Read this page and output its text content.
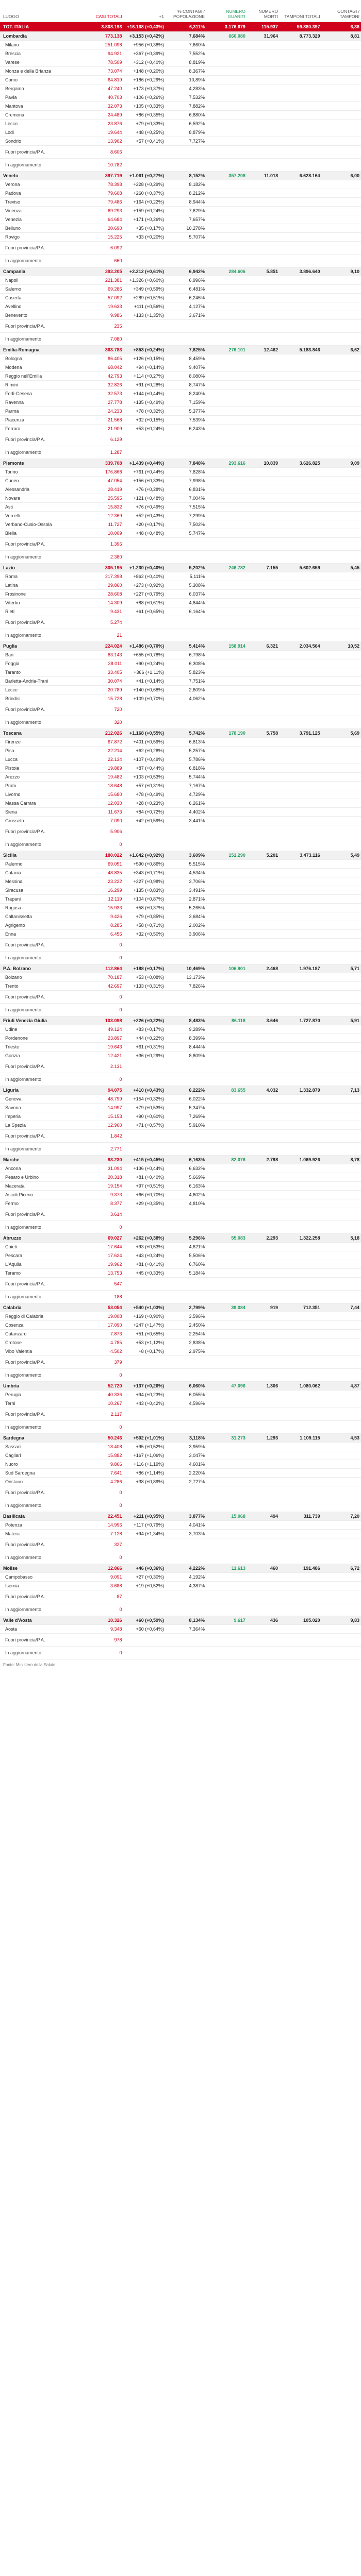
LUOGO	CASI TOTALI	+1	% CONTAGI / POPOLAZIONE	NUMERO GUARITI	NUMERO MORTI	TAMPONI TOTALI	CONTAGI / TAMPONI
TOT. ITALIA	3.808.193	+16.168 (+0,43%)	6,311%	3.176.679	115.937	59.880.397	6,36
Lombardia	773.138	+3.153 (+0,42%)	7,684%	660.080	31.964	8.773.329	8,81
Milano	251.098	+956 (+0,38%)	7,660%				
Brescia	94.921	+367 (+0,39%)	7,552%				
Varese	78.509	+312 (+0,40%)	8,819%				
Monza e della Brianza	73.074	+148 (+0,20%)	8,367%				
Como	64.819	+186 (+0,29%)	10,89%				
Bergamo	47.240	+173 (+0,37%)	4,283%				
Pavia	40.703	+106 (+0,26%)	7,532%				
Mantova	32.073	+105 (+0,33%)	7,882%				
Cremona	24.489	+86 (+0,35%)	6,880%				
Lecco	23.876	+79 (+0,33%)	6,592%				
Lodi	19.644	+48 (+0,25%)	8,879%				
Sondrio	13.902	+57 (+0,41%)	7,727%				
Fuori provincia/P.A.	8.606						
In aggiornamento	10.782						
Veneto	397.719	+1.061 (+0,27%)	8,152%	357.208	11.018	6.628.164	6,00
Verona	78.398	+228 (+0,29%)	8,182%				
Padova	79.608	+260 (+0,37%)	8,212%				
Treviso	79.486	+164 (+0,22%)	8,944%				
Vicenza	69.293	+159 (+0,24%)	7,629%				
Venezia	64.684	+171 (+0,26%)	7,657%				
Belluno	20.690	+35 (+0,17%)	10,278%				
Rovigo	15.225	+33 (+0,20%)	5,707%				
Fuori provincia/P.A.	6.092						
In aggiornamento	660						
Campania	393.205	+2.212 (+0,61%)	6,942%	284.606	5.851	3.896.640	9,10
Napoli	221.381	+1.326 (+0,60%)	6,996%				
Salerno	69.286	+349 (+0,59%)	6,481%				
Caserta	57.092	+289 (+0,51%)	6,245%				
Avellino	19.633	+111 (+0,56%)	4,127%				
Benevento	9.986	+133 (+1,35%)	3,671%				
Fuori provincia/P.A.	235						
In aggiornamento	7.080						
Emilia-Romagna	363.783	+853 (+0,24%)	7,825%	276.101	12.462	5.183.846	6,62
Bologna	86.405	+126 (+0,15%)	8,459%				
Modena	68.042	+94 (+0,14%)	9,407%				
Reggio nell'Emilia	42.793	+114 (+0,27%)	8,080%				
Rimini	32.826	+91 (+0,28%)	8,747%				
Forlì-Cesena	32.573	+144 (+0,44%)	8,240%				
Ravenna	27.778	+135 (+0,49%)	7,159%				
Parma	24.233	+78 (+0,32%)	5,377%				
Piacenza	21.568	+32 (+0,15%)	7,539%				
Ferrara	21.909	+53 (+0,24%)	6,243%				
Fuori provincia/P.A.	6.129						
In aggiornamento	1.287						
Piemonte	339.708	+1.439 (+0,44%)	7,848%	293.616	10.839	3.626.825	9,09
Torino	176.868	+761 (+0,44%)	7,828%				
Cuneo	47.054	+156 (+0,33%)	7,998%				
Alessandria	28.419	+76 (+0,28%)	6,831%				
Novara	25.595	+121 (+0,48%)	7,004%				
Asti	15.832	+76 (+0,49%)	7,515%				
Vercelli	12.369	+52 (+0,43%)	7,299%				
Verbano-Cusio-Ossola	11.727	+20 (+0,17%)	7,502%				
Biella	10.009	+48 (+0,48%)	5,747%				
Fuori provincia/P.A.	1.396						
In aggiornamento	2.380						
Lazio	305.195	+1.230 (+0,40%)	5,202%	246.782	7.155	5.602.659	5,45
Roma	217.398	+862 (+0,40%)	5,111%				
Latina	29.860	+273 (+0,92%)	5,308%				
Frosinone	28.608	+227 (+0,79%)	6,037%				
Viterbo	14.309	+88 (+0,61%)	4,844%				
Rieti	9.431	+61 (+0,65%)	6,164%				
Fuori provincia/P.A.	5.274						
In aggiornamento	21						
Puglia	224.024	+1.486 (+0,70%)	5,414%	158.914	6.321	2.034.564	10,52
Bari	83.143	+655 (+0,78%)	6,798%				
Foggia	38.011	+90 (+0,24%)	6,308%				
Taranto	33.405	+366 (+1,11%)	5,823%				
Barletta-Andria-Trani	30.074	+41 (+0,14%)	7,751%				
Lecce	20.789	+140 (+0,68%)	2,609%				
Brindisi	15.728	+109 (+0,70%)	4,062%				
Fuori provincia/P.A.	720						
In aggiornamento	320						
Toscana	212.026	+1.168 (+0,55%)	5,742%	178.190	5.758	3.791.125	5,69
Firenze	67.872	+401 (+0,59%)	6,813%				
Pisa	22.214	+62 (+0,28%)	5,257%				
Lucca	22.134	+107 (+0,49%)	5,786%				
Pistoia	19.889	+87 (+0,44%)	6,818%				
Arezzo	19.482	+103 (+0,53%)	5,744%				
Prato	18.648	+57 (+0,31%)	7,167%				
Livorno	15.680	+78 (+0,49%)	4,729%				
Massa Carrara	12.030	+28 (+0,23%)	6,261%				
Siena	11.673	+84 (+0,72%)	4,402%				
Grosseto	7.090	+42 (+0,59%)	3,441%				
Fuori provincia/P.A.	5.906						
In aggiornamento	0						
Sicilia	180.022	+1.642 (+0,92%)	3,609%	151.290	5.201	3.473.116	5,49
Palermo	69.051	+590 (+0,86%)	5,515%				
Catania	48.835	+343 (+0,71%)	4,534%				
Messina	23.222	+227 (+0,98%)	3,706%				
Siracusa	16.299	+135 (+0,83%)	3,491%				
Trapani	12.119	+104 (+0,87%)	2,871%				
Ragusa	15.933	+58 (+0,37%)	5,265%				
Caltanissetta	9.426	+79 (+0,85%)	3,684%				
Agrigento	8.285	+58 (+0,71%)	2,002%				
Enna	6.456	+32 (+0,50%)	3,906%				
Fuori provincia/P.A.	0						
In aggiornamento	0						
P.A. Bolzano	112.864	+188 (+0,17%)	10,469%	106.901	2.468	1.976.187	5,71
Bolzano	70.187	+53 (+0,08%)	13,173%				
Trento	42.697	+133 (+0,31%)	7,826%				
Fuori provincia/P.A.	0						
In aggiornamento	0						
Friuli Venezia Giulia	103.098	+226 (+0,22%)	8,483%	86.118	3.646	1.727.870	5,91
Udine	49.124	+83 (+0,17%)	9,289%				
Pordenone	23.897	+44 (+0,22%)	8,399%				
Trieste	19.643	+61 (+0,31%)	8,444%				
Gorizia	12.421	+36 (+0,29%)	8,809%				
Fuori provincia/P.A.	2.131						
In aggiornamento	0						
Liguria	94.075	+410 (+0,43%)	6,222%	83.655	4.032	1.332.879	7,13
Genova	48.799	+154 (+0,32%)	6,022%				
Savona	14.997	+79 (+0,53%)	5,347%				
Imperia	15.153	+90 (+0,60%)	7,269%				
La Spezia	12.960	+71 (+0,57%)	5,910%				
Fuori provincia/P.A.	1.842						
In aggiornamento	2.771						
Marche	93.230	+415 (+0,45%)	6,163%	82.076	2.798	1.069.926	8,78
Ancona	31.094	+136 (+0,44%)	6,632%				
Pesaro e Urbino	20.318	+81 (+0,40%)	5,669%				
Macerata	19.154	+97 (+0,51%)	6,163%				
Ascoli Piceno	9.373	+66 (+0,70%)	4,602%				
Fermo	8.377	+29 (+0,35%)	4,810%				
Fuori provincia/P.A.	3.614						
In aggiornamento	0						
Abruzzo	69.027	+262 (+0,38%)	5,296%	55.083	2.293	1.322.258	5,18
Chieti	17.644	+93 (+0,53%)	4,621%				
Pescara	17.624	+43 (+0,24%)	5,506%				
L'Aquila	19.962	+81 (+0,41%)	6,760%				
Teramo	13.753	+45 (+0,33%)	5,184%				
Fuori provincia/P.A.	547						
In aggiornamento	188						
Calabria	53.054	+540 (+1,03%)	2,799%	39.084	919	712.351	7,44
Reggio di Calabria	19.008	+169 (+0,90%)	3,596%				
Cosenza	17.090	+247 (+1,47%)	2,450%				
Catanzaro	7.873	+51 (+0,65%)	2,254%				
Crotone	4.785	+53 (+1,12%)	2,838%				
Vibo Valentia	4.502	+8 (+0,17%)	2,975%				
Fuori provincia/P.A.	379						
In aggiornamento	0						
Umbria	52.720	+137 (+0,26%)	6,060%	47.096	1.306	1.080.062	4,87
Perugia	40.336	+94 (+0,23%)	6,055%				
Terni	10.267	+43 (+0,42%)	4,596%				
Fuori provincia/P.A.	2.117						
In aggiornamento	0						
Sardegna	50.246	+502 (+1,01%)	3,118%	31.273	1.293	1.109.115	4,53
Sassari	18.408	+95 (+0,52%)	3,959%				
Cagliari	15.882	+167 (+1,06%)	3,047%				
Nuoro	9.866	+116 (+1,19%)	4,601%				
Sud Sardegna	7.641	+86 (+1,14%)	2,220%				
Oristano	4.286	+38 (+0,89%)	2,727%				
Fuori provincia/P.A.	0						
In aggiornamento	0						
Basilicata	22.451	+211 (+0,95%)	3,877%	15.068	494	311.739	7,20
Potenza	14.996	+117 (+0,79%)	4,041%				
Matera	7.128	+94 (+1,34%)	3,703%				
Fuori provincia/P.A.	327						
In aggiornamento	0						
Molise	12.866	+46 (+0,36%)	4,222%	11.613	460	191.486	6,72
Campobasso	9.091	+27 (+0,30%)	4,192%				
Isernia	3.688	+19 (+0,52%)	4,387%				
Fuori provincia/P.A.	87						
In aggiornamento	0						
Valle d'Aosta	10.326	+60 (+0,59%)	8,134%	9.617	436	105.020	9,83
Aosta	9.348	+60 (+0,64%)	7,364%				
Fuori provincia/P.A.	978						
In aggiornamento	0						
Fonte: Ministero della Salute
